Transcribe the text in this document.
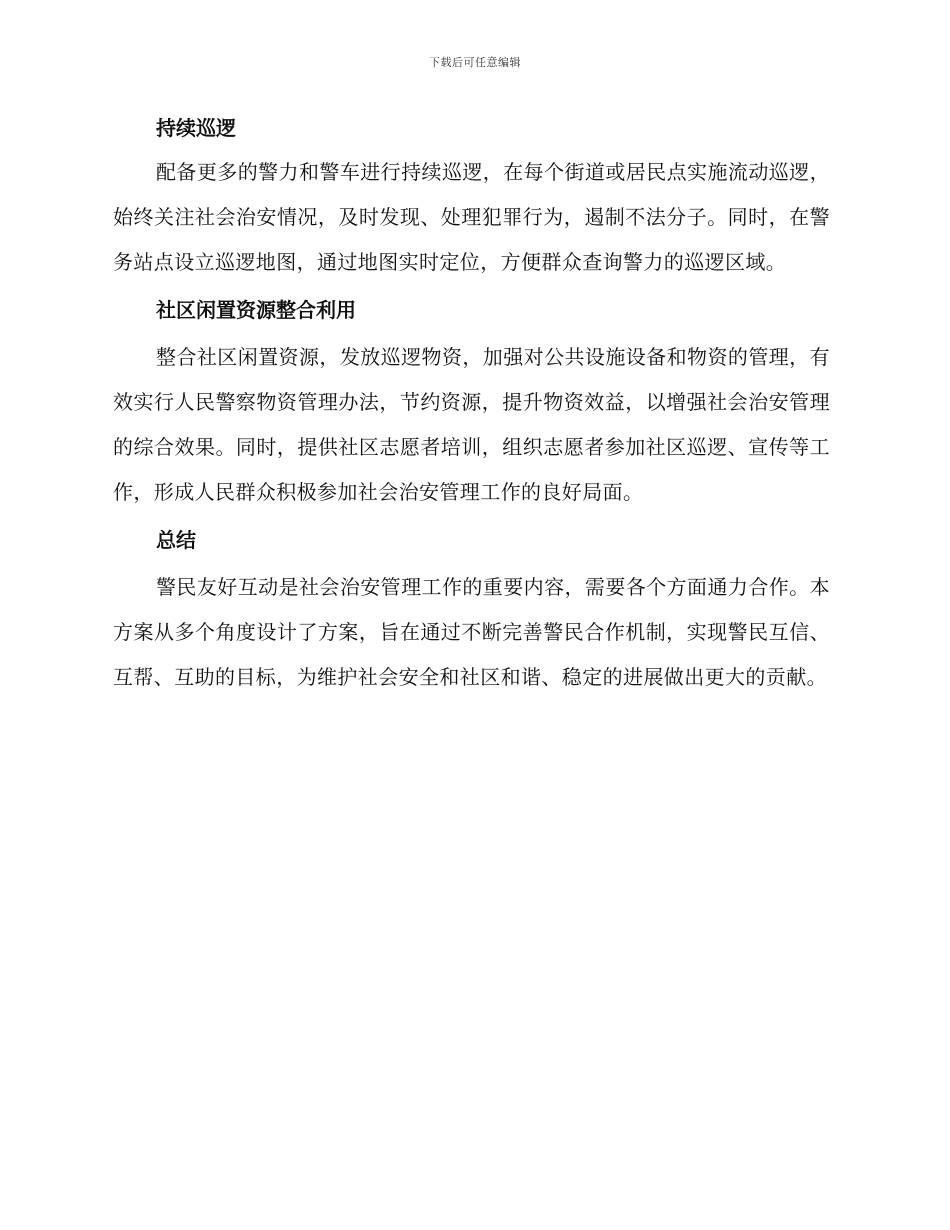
下载后可任意编辑
持续巡逻

配备更多的警力和警车进行持续巡逻，在每个街道或居民点实施流动巡逻，始终关注社会治安情况，及时发现、处理犯罪行为，遏制不法分子。同时，在警务站点设立巡逻地图，通过地图实时定位，方便群众查询警力的巡逻区域。

社区闲置资源整合利用

整合社区闲置资源，发放巡逻物资，加强对公共设施设备和物资的管理，有效实行人民警察物资管理办法，节约资源，提升物资效益，以增强社会治安管理的综合效果。同时，提供社区志愿者培训，组织志愿者参加社区巡逻、宣传等工作，形成人民群众积极参加社会治安管理工作的良好局面。

总结

警民友好互动是社会治安管理工作的重要内容，需要各个方面通力合作。本方案从多个角度设计了方案，旨在通过不断完善警民合作机制，实现警民互信、互帮、互助的目标，为维护社会安全和社区和谐、稳定的进展做出更大的贡献。
